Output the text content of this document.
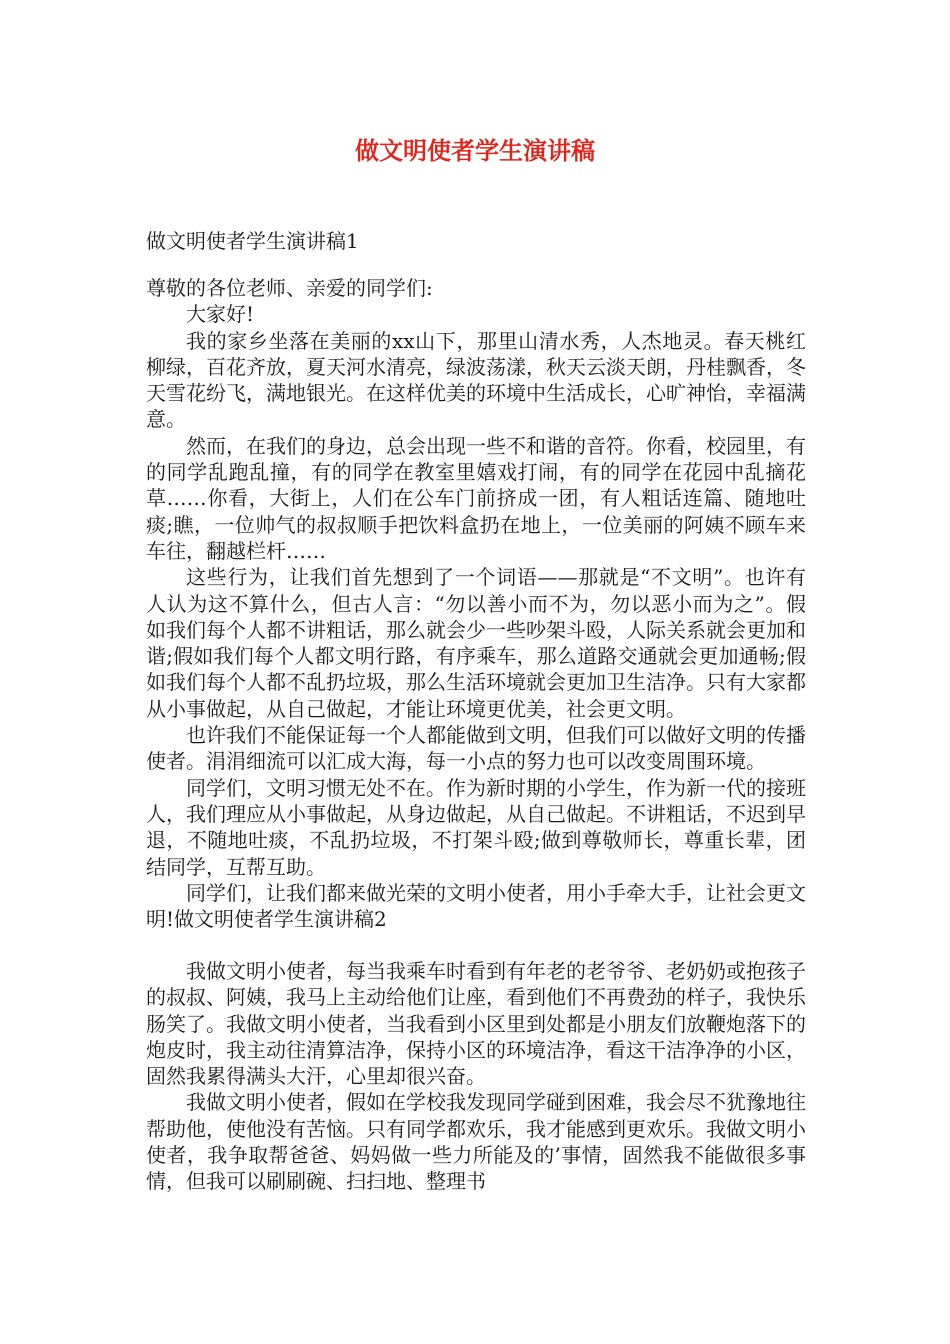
做文明使者学生演讲稿
做文明使者学生演讲稿1

尊敬的各位老师、亲爱的同学们:

大家好!

我的家乡坐落在美丽的xx山下，那里山清水秀，人杰地灵。春天桃红柳绿，百花齐放，夏天河水清亮，绿波荡漾，秋天云淡天朗，丹桂飘香，冬天雪花纷飞，满地银光。在这样优美的环境中生活成长，心旷神怡，幸福满意。

然而，在我们的身边，总会出现一些不和谐的音符。你看，校园里，有的同学乱跑乱撞，有的同学在教室里嬉戏打闹，有的同学在花园中乱摘花草……你看，大街上，人们在公车门前挤成一团，有人粗话连篇、随地吐痰;瞧，一位帅气的叔叔顺手把饮料盒扔在地上，一位美丽的阿姨不顾车来车往，翻越栏杆……

这些行为，让我们首先想到了一个词语——那就是“不文明”。也许有人认为这不算什么，但古人言：“勿以善小而不为，勿以恶小而为之”。假如我们每个人都不讲粗话，那么就会少一些吵架斗殴，人际关系就会更加和谐;假如我们每个人都文明行路，有序乘车，那么道路交通就会更加通畅;假如我们每个人都不乱扔垃圾，那么生活环境就会更加卫生洁净。只有大家都从小事做起，从自己做起，才能让环境更优美，社会更文明。

也许我们不能保证每一个人都能做到文明，但我们可以做好文明的传播使者。涓涓细流可以汇成大海，每一小点的努力也可以改变周围环境。

同学们，文明习惯无处不在。作为新时期的小学生，作为新一代的接班人，我们理应从小事做起，从身边做起，从自己做起。不讲粗话，不迟到早退，不随地吐痰，不乱扔垃圾，不打架斗殴;做到尊敬师长，尊重长辈，团结同学，互帮互助。

同学们，让我们都来做光荣的文明小使者，用小手牵大手，让社会更文明!做文明使者学生演讲稿2

我做文明小使者，每当我乘车时看到有年老的老爷爷、老奶奶或抱孩子的叔叔、阿姨，我马上主动给他们让座，看到他们不再费劲的样子，我快乐肠笑了。我做文明小使者，当我看到小区里到处都是小朋友们放鞭炮落下的炮皮时，我主动往清算洁净，保持小区的环境洁净，看这干洁净净的小区，固然我累得满头大汗，心里却很兴奋。

我做文明小使者，假如在学校我发现同学碰到困难，我会尽不犹豫地往帮助他，使他没有苦恼。只有同学都欢乐，我才能感到更欢乐。我做文明小使者，我争取帮爸爸、妈妈做一些力所能及的’事情，固然我不能做很多事情，但我可以刷刷碗、扫扫地、整理书
